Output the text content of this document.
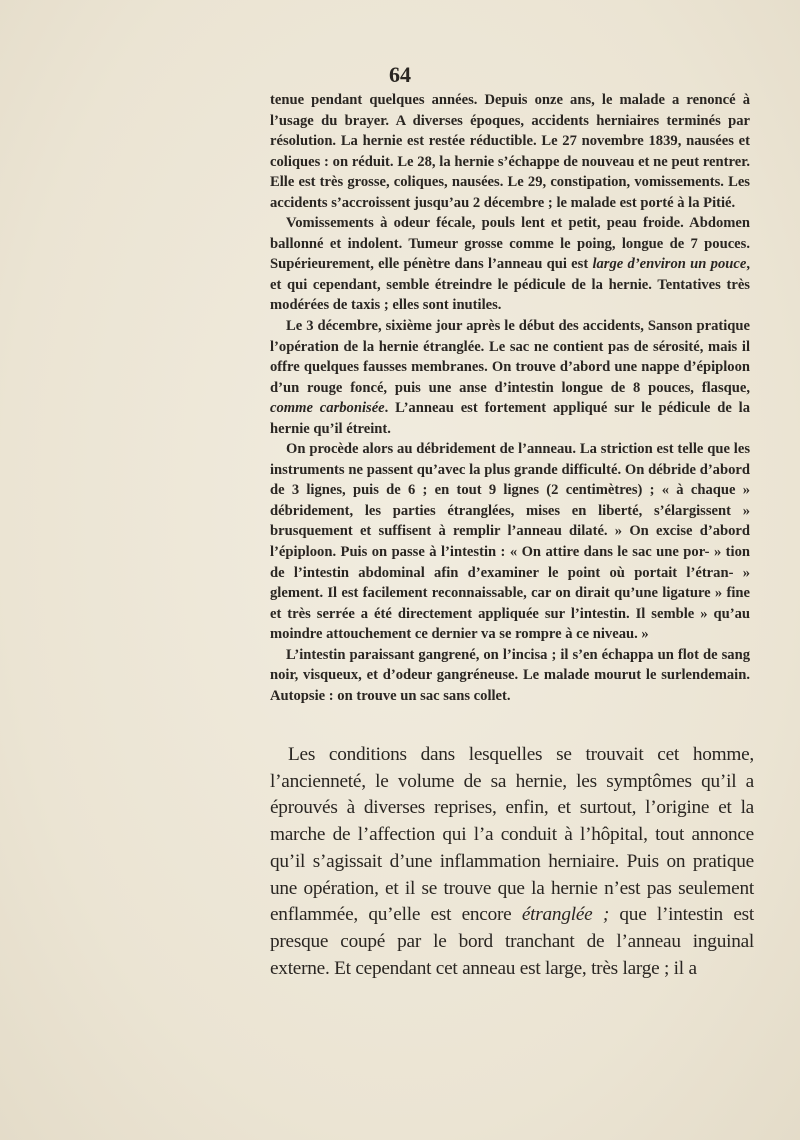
64

tenue pendant quelques années. Depuis onze ans, le malade a renoncé à l’usage du brayer. A diverses époques, accidents herniaires terminés par résolution. La hernie est restée réductible. Le 27 novembre 1839, nausées et coliques : on réduit. Le 28, la hernie s’échappe de nouveau et ne peut rentrer. Elle est très grosse, coliques, nausées. Le 29, constipation, vomissements. Les accidents s’accroissent jusqu’au 2 décembre ; le malade est porté à la Pitié.

Vomissements à odeur fécale, pouls lent et petit, peau froide. Abdomen ballonné et indolent. Tumeur grosse comme le poing, longue de 7 pouces. Supérieurement, elle pénètre dans l’anneau qui est large d’environ un pouce, et qui cependant, semble étreindre le pédicule de la hernie. Tentatives très modérées de taxis ; elles sont inutiles.

Le 3 décembre, sixième jour après le début des accidents, Sanson pratique l’opération de la hernie étranglée. Le sac ne contient pas de sérosité, mais il offre quelques fausses membranes. On trouve d’abord une nappe d’épiploon d’un rouge foncé, puis une anse d’intestin longue de 8 pouces, flasque, comme carbonisée. L’anneau est fortement appliqué sur le pédicule de la hernie qu’il étreint.

On procède alors au débridement de l’anneau. La striction est telle que les instruments ne passent qu’avec la plus grande difficulté. On débride d’abord de 3 lignes, puis de 6 ; en tout 9 lignes (2 centimètres) ; « à chaque » débridement, les parties étranglées, mises en liberté, s’élargissent » brusquement et suffisent à remplir l’anneau dilaté. » On excise d’abord l’épiploon. Puis on passe à l’intestin : « On attire dans le sac une por- » tion de l’intestin abdominal afin d’examiner le point où portait l’étran- » glement. Il est facilement reconnaissable, car on dirait qu’une ligature » fine et très serrée a été directement appliquée sur l’intestin. Il semble » qu’au moindre attouchement ce dernier va se rompre à ce niveau. »

L’intestin paraissant gangrené, on l’incisa ; il s’en échappa un flot de sang noir, visqueux, et d’odeur gangréneuse. Le malade mourut le surlendemain. Autopsie : on trouve un sac sans collet.

Les conditions dans lesquelles se trouvait cet homme, l’ancienneté, le volume de sa hernie, les symptômes qu’il a éprouvés à diverses reprises, enfin, et surtout, l’origine et la marche de l’affection qui l’a conduit à l’hôpital, tout annonce qu’il s’agissait d’une inflammation herniaire. Puis on pratique une opération, et il se trouve que la hernie n’est pas seulement enflammée, qu’elle est encore étranglée ; que l’intestin est presque coupé par le bord tranchant de l’anneau inguinal externe. Et cependant cet anneau est large, très large ; il a
